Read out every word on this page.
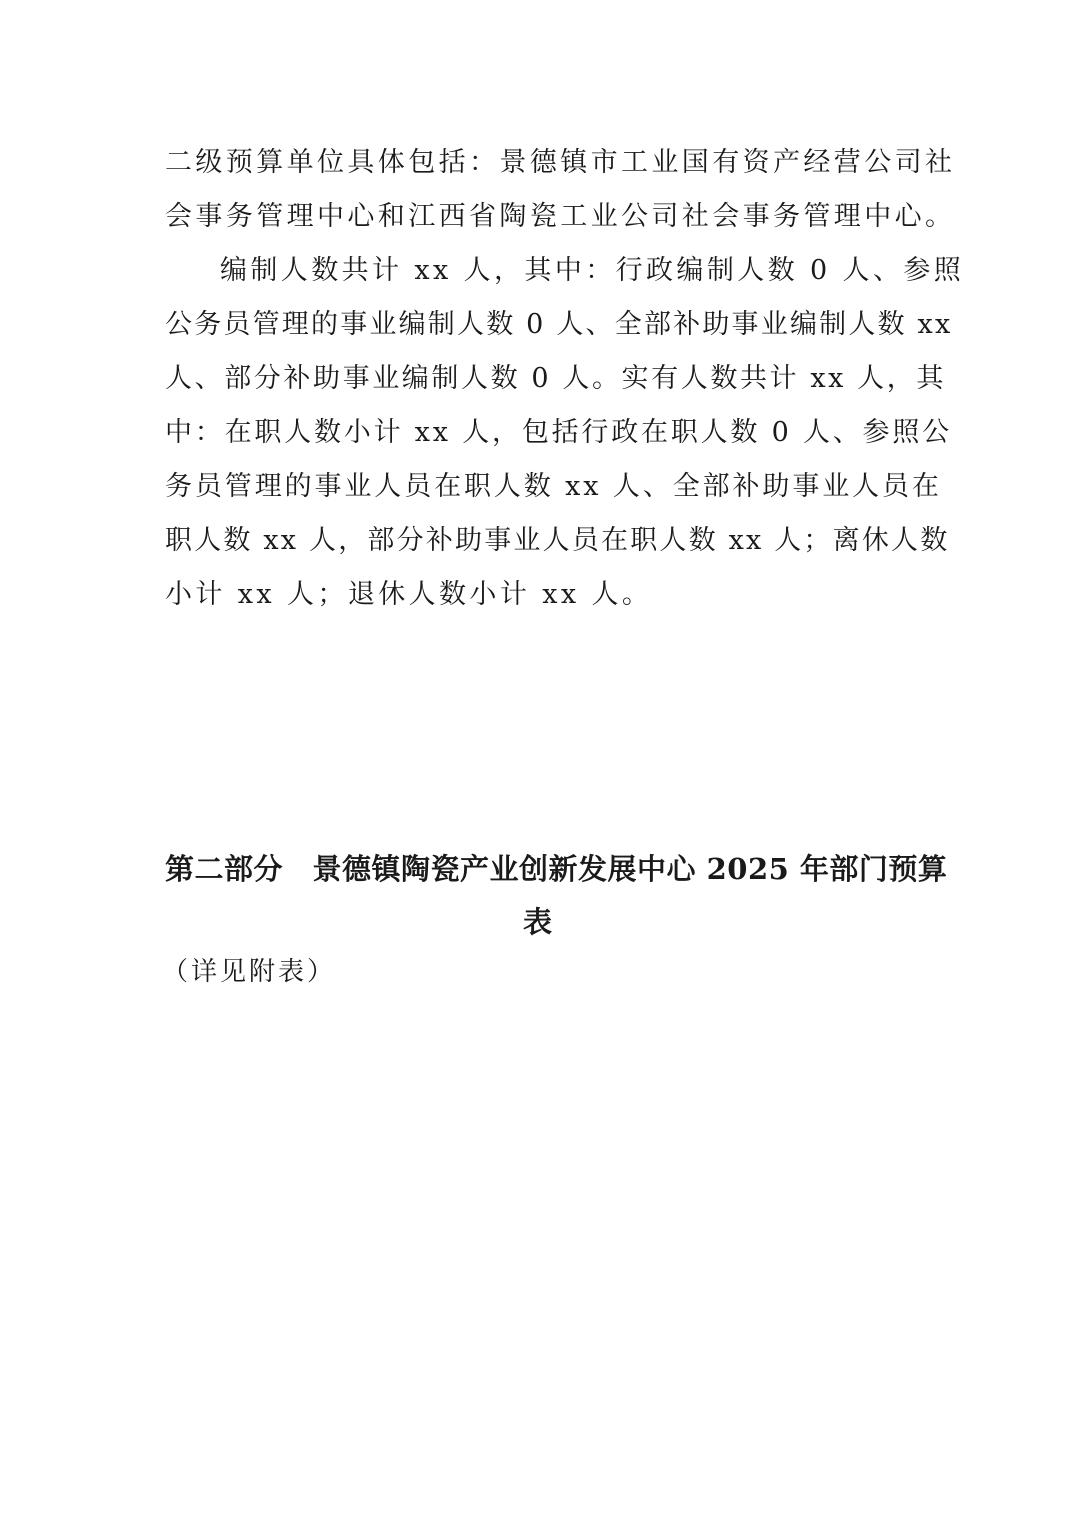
二级预算单位具体包括：景德镇市工业国有资产经营公司社
会事务管理中心和江西省陶瓷工业公司社会事务管理中心。
编制人数共计 xx 人，其中：行政编制人数 0 人、参照
公务员管理的事业编制人数 0 人、全部补助事业编制人数 xx
人、部分补助事业编制人数 0 人。实有人数共计 xx 人，其
中：在职人数小计 xx 人，包括行政在职人数 0 人、参照公
务员管理的事业人员在职人数 xx 人、全部补助事业人员在
职人数 xx 人，部分补助事业人员在职人数 xx 人；离休人数
小计 xx 人；退休人数小计 xx 人。
第二部分　景德镇陶瓷产业创新发展中心 2025 年部门预算
表
（详见附表）
